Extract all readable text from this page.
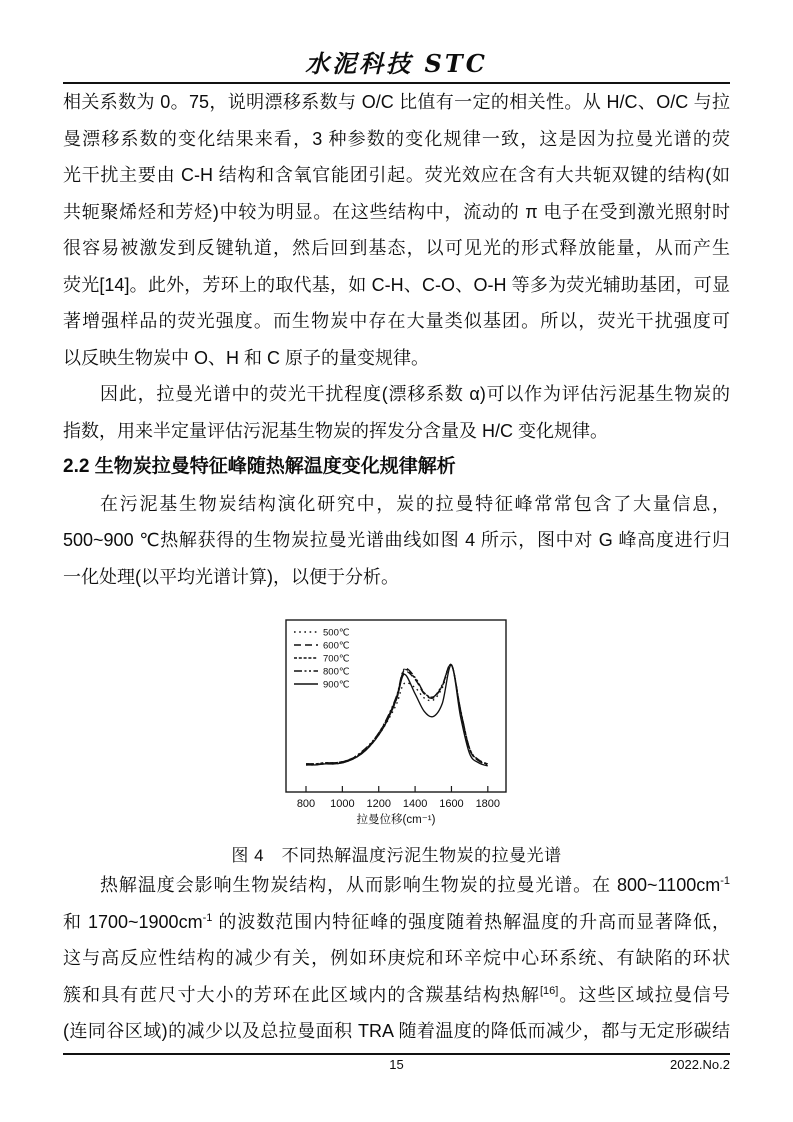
水泥科技 STC
相关系数为 0。75，说明漂移系数与 O/C 比值有一定的相关性。从 H/C、O/C 与拉
曼漂移系数的变化结果来看，3 种参数的变化规律一致，这是因为拉曼光谱的荧
光干扰主要由 C-H 结构和含氧官能团引起。荧光效应在含有大共轭双键的结构(如
共轭聚烯烃和芳烃)中较为明显。在这些结构中，流动的 π 电子在受到激光照射时
很容易被激发到反键轨道，然后回到基态，以可见光的形式释放能量，从而产生
荧光[14]。此外，芳环上的取代基，如 C-H、C-O、O-H 等多为荧光辅助基团，可显
著增强样品的荧光强度。而生物炭中存在大量类似基团。所以，荧光干扰强度可
以反映生物炭中 O、H 和 C 原子的量变规律。
因此，拉曼光谱中的荧光干扰程度(漂移系数 α)可以作为评估污泥基生物炭的
指数，用来半定量评估污泥基生物炭的挥发分含量及 H/C 变化规律。
2.2 生物炭拉曼特征峰随热解温度变化规律解析
在污泥基生物炭结构演化研究中，炭的拉曼特征峰常常包含了大量信息，
500~900 ℃热解获得的生物炭拉曼光谱曲线如图 4 所示，图中对 G 峰高度进行归
一化处理(以平均光谱计算)，以便于分析。
800 1000 1200 1400 1600 1800
拉曼位移(cm⁻¹)
500℃
600℃
700℃
800℃
900℃
图 4　不同热解温度污泥生物炭的拉曼光谱
热解温度会影响生物炭结构，从而影响生物炭的拉曼光谱。在 $800\sim 1100cm^{-1}$
和 $1700\sim 1900cm^{-1}$ 的波数范围内特征峰的强度随着热解温度的升高而显著降低，
这与高反应性结构的减少有关，例如环庚烷和环辛烷中心环系统、有缺陷的环状
簇和具有苉尺寸大小的芳环在此区域内的含羰基结构热解[16]。这些区域拉曼信号
(连同谷区域)的减少以及总拉曼面积 TRA 随着温度的降低而减少，都与无定形碳结
15	2022.No.2
